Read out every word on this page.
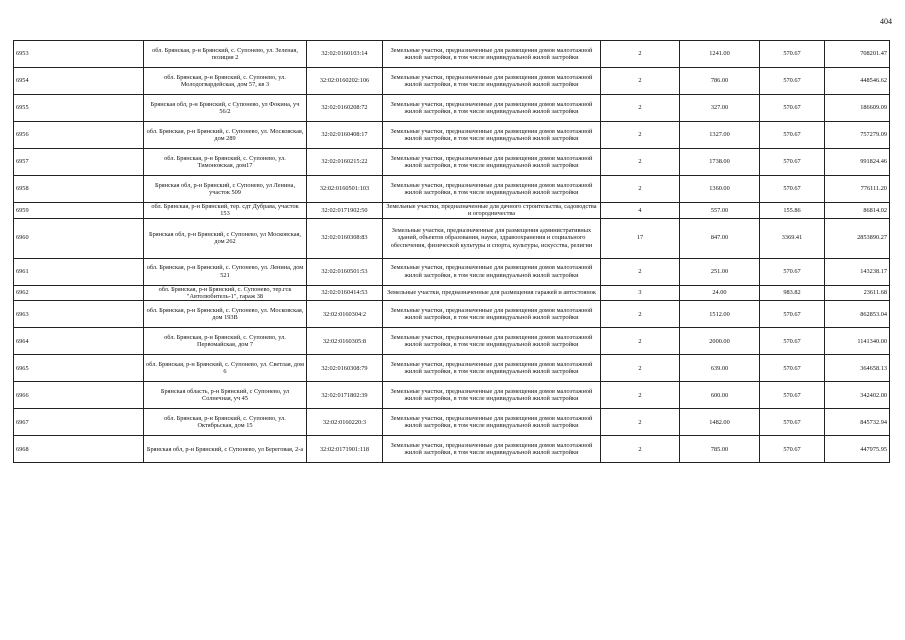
404
6953	обл. Брянская, р-н Брянский, с. Супонево, ул. Зеленая, позиция 2	32:02:0160103:14	Земельные участки, предназначенные для размещения домов малоэтажной жилой застройки, в том числе индивидуальной жилой застройки	2	1241.00	570.67	708201.47
6954	обл. Брянская, р-н Брянский, с. Супонево, ул. Молодогвардейская, дом 57, кв 3	32:02:0160202:106	Земельные участки, предназначенные для размещения домов малоэтажной жилой застройки, в том числе индивидуальной жилой застройки	2	786.00	570.67	448546.62
6955	Брянская обл, р-н Брянский, с Супонево, ул Фокина, уч 56/2	32:02:0160208:72	Земельные участки, предназначенные для размещения домов малоэтажной жилой застройки, в том числе индивидуальной жилой застройки	2	327.00	570.67	186609.09
6956	обл. Брянская, р-н Брянский, с. Супонево, ул. Московская, дом 289	32:02:0160408:17	Земельные участки, предназначенные для размещения домов малоэтажной жилой застройки, в том числе индивидуальной жилой застройки	2	1327.00	570.67	757279.09
6957	обл. Брянская, р-н Брянский, с. Супонево, ул. Тимоновская, дом17	32:02:0160215:22	Земельные участки, предназначенные для размещения домов малоэтажной жилой застройки, в том числе индивидуальной жилой застройки	2	1738.00	570.67	991824.46
6958	Брянская обл, р-н Брянский, с Супонево, ул Ленина, участок 509	32:02:0160501:103	Земельные участки, предназначенные для размещения домов малоэтажной жилой застройки, в том числе индивидуальной жилой застройки	2	1360.00	570.67	776111.20
6959	обл. Брянская, р-н Брянский, тер. сдт Дубрава, участок 153	32:02:0171902:50	Земельные участки, предназначенные для дачного строительства, садоводства и огородничества	4	557.00	155.86	86814.02
6960	Брянская обл, р-н Брянский, с Супонево, ул Московская, дом 262	32:02:0160308:83	Земельные участки, предназначенные для размещения административных зданий, объектов образования, науки, здравоохранения и социального обеспечения, физической культуры и спорта, культуры, искусства, религии	17	847.00	3369.41	2853890.27
6961	обл. Брянская, р-н Брянский, с. Супонево, ул. Ленина, дом 521	32:02:0160501:53	Земельные участки, предназначенные для размещения домов малоэтажной жилой застройки, в том числе индивидуальной жилой застройки	2	251.00	570.67	143238.17
6962	обл. Брянская, р-н Брянский, с. Супонево, тер.гск "Автолюбитель-1", гараж 38	32:02:0160414:53	Земельные участки, предназначенные для размещения гаражей и автостоянок	3	24.00	983.82	23611.68
6963	обл. Брянская, р-н Брянский, с. Супонево, ул. Московская, дом 193В	32:02:0160304:2	Земельные участки, предназначенные для размещения домов малоэтажной жилой застройки, в том числе индивидуальной жилой застройки	2	1512.00	570.67	862853.04
6964	обл. Брянская, р-н Брянский, с. Супонево, ул. Первомайская, дом 7	32:02:0160305:8	Земельные участки, предназначенные для размещения домов малоэтажной жилой застройки, в том числе индивидуальной жилой застройки	2	2000.00	570.67	1141340.00
6965	обл. Брянская, р-н Брянский, с. Супонево, ул. Светлая, дом 6	32:02:0160308:79	Земельные участки, предназначенные для размещения домов малоэтажной жилой застройки, в том числе индивидуальной жилой застройки	2	639.00	570.67	364658.13
6966	Брянская область, р-н Брянский, с Супонево, ул Солнечная, уч 45	32:02:0171802:39	Земельные участки, предназначенные для размещения домов малоэтажной жилой застройки, в том числе индивидуальной жилой застройки	2	600.00	570.67	342402.00
6967	обл. Брянская, р-н Брянский, с. Супонево, ул. Октябрьская, дом 15	32:02:0160220:3	Земельные участки, предназначенные для размещения домов малоэтажной жилой застройки, в том числе индивидуальной жилой застройки	2	1482.00	570.67	845732.94
6968	Брянская обл, р-н Брянский, с Супонево, ул Береговая, 2-а	32:02:0171901:118	Земельные участки, предназначенные для размещения домов малоэтажной жилой застройки, в том числе индивидуальной жилой застройки	2	785.00	570.67	447975.95
